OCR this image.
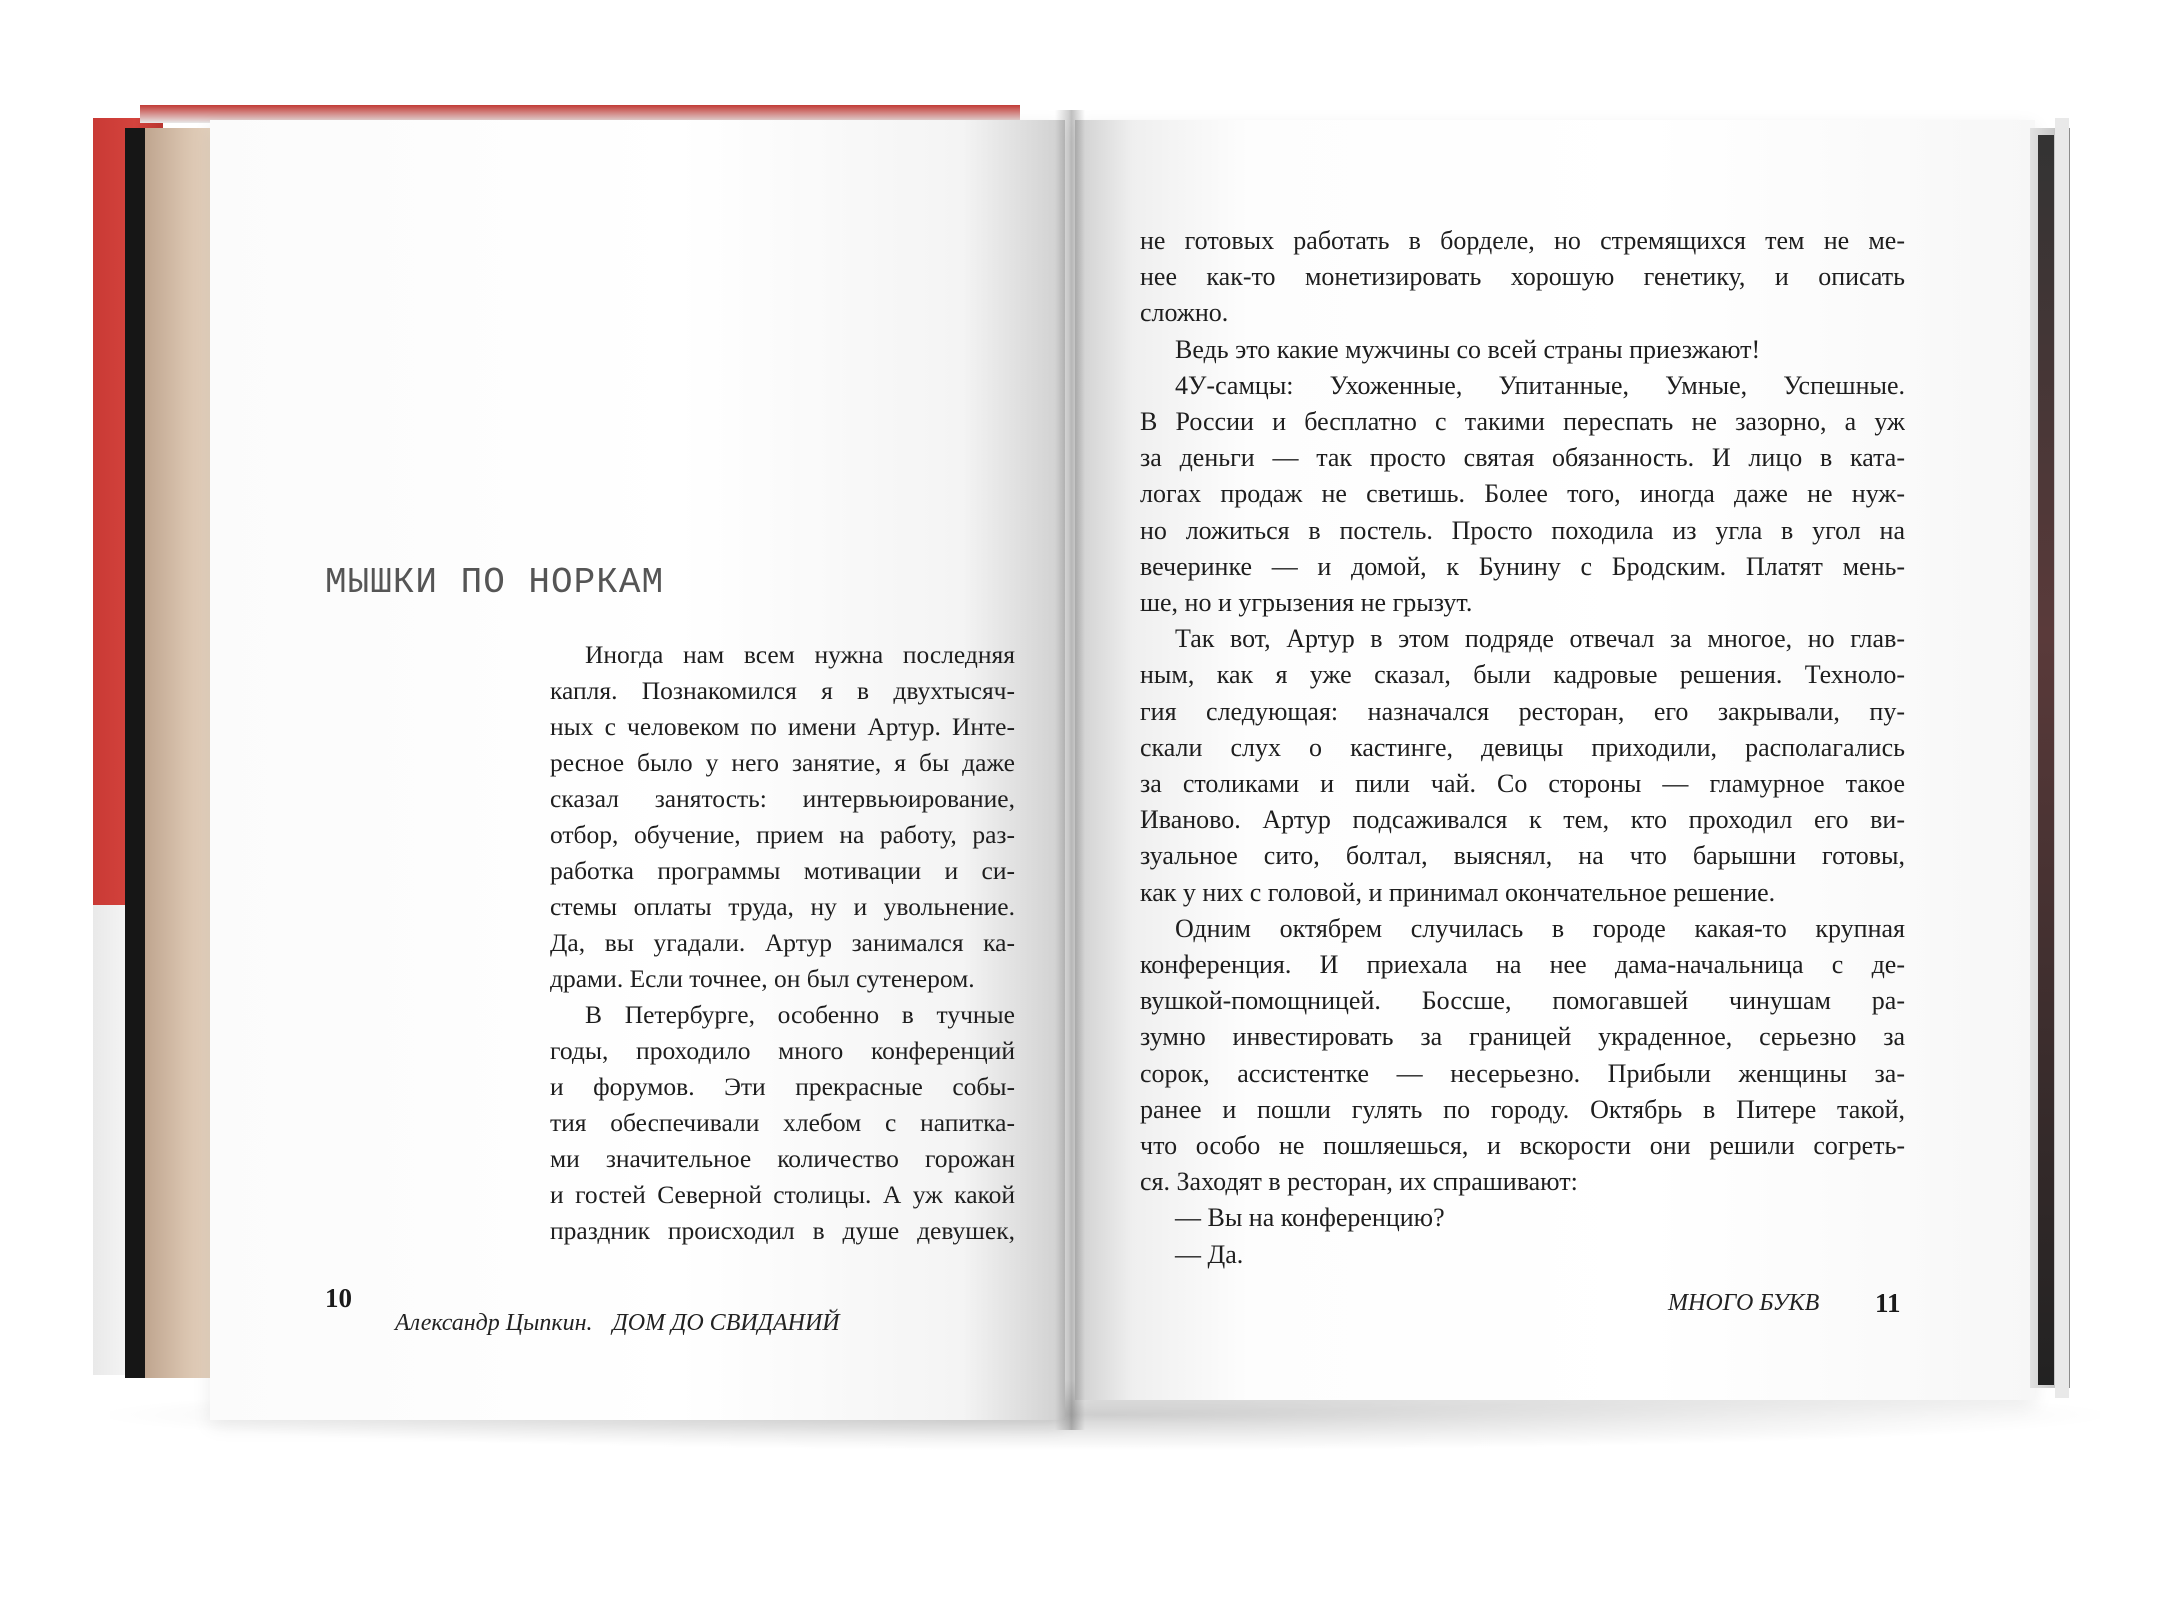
МЫШКИ ПО НОРКАМ
Иногда нам всем нужна последняя
капля. Познакомился я в двухтысяч-
ных с человеком по имени Артур. Инте-
ресное было у него занятие, я бы даже
сказал занятость: интервьюирование,
отбор, обучение, прием на работу, раз-
работка программы мотивации и си-
стемы оплаты труда, ну и увольнение.
Да, вы угадали. Артур занимался ка-
драми. Если точнее, он был сутенером.
В Петербурге, особенно в тучные
годы, проходило много конференций
и форумов. Эти прекрасные собы-
тия обеспечивали хлебом с напитка-
ми значительное количество горожан
и гостей Северной столицы. А уж какой
праздник происходил в душе девушек,
не готовых работать в борделе, но стремящихся тем не ме-
нее как-то монетизировать хорошую генетику, и описать
сложно.
Ведь это какие мужчины со всей страны приезжают!
4У-самцы: Ухоженные, Упитанные, Умные, Успешные.
В России и бесплатно с такими переспать не зазорно, а уж
за деньги — так просто святая обязанность. И лицо в ката-
логах продаж не светишь. Более того, иногда даже не нуж-
но ложиться в постель. Просто походила из угла в угол на
вечеринке — и домой, к Бунину с Бродским. Платят мень-
ше, но и угрызения не грызут.
Так вот, Артур в этом подряде отвечал за многое, но глав-
ным, как я уже сказал, были кадровые решения. Техноло-
гия следующая: назначался ресторан, его закрывали, пу-
скали слух о кастинге, девицы приходили, располагались
за столиками и пили чай. Со стороны — гламурное такое
Иваново. Артур подсаживался к тем, кто проходил его ви-
зуальное сито, болтал, выяснял, на что барышни готовы,
как у них с головой, и принимал окончательное решение.
Одним октябрем случилась в городе какая-то крупная
конференция. И приехала на нее дама-начальница с де-
вушкой-помощницей. Боссше, помогавшей чинушам ра-
зумно инвестировать за границей украденное, серьезно за
сорок, ассистентке — несерьезно. Прибыли женщины за-
ранее и пошли гулять по городу. Октябрь в Питере такой,
что особо не пошляешься, и вскорости они решили согреть-
ся. Заходят в ресторан, их спрашивают:
— Вы на конференцию?
— Да.
10
Александр Цыпкин. ДОМ ДО СВИДАНИЙ
МНОГО БУКВ 11
